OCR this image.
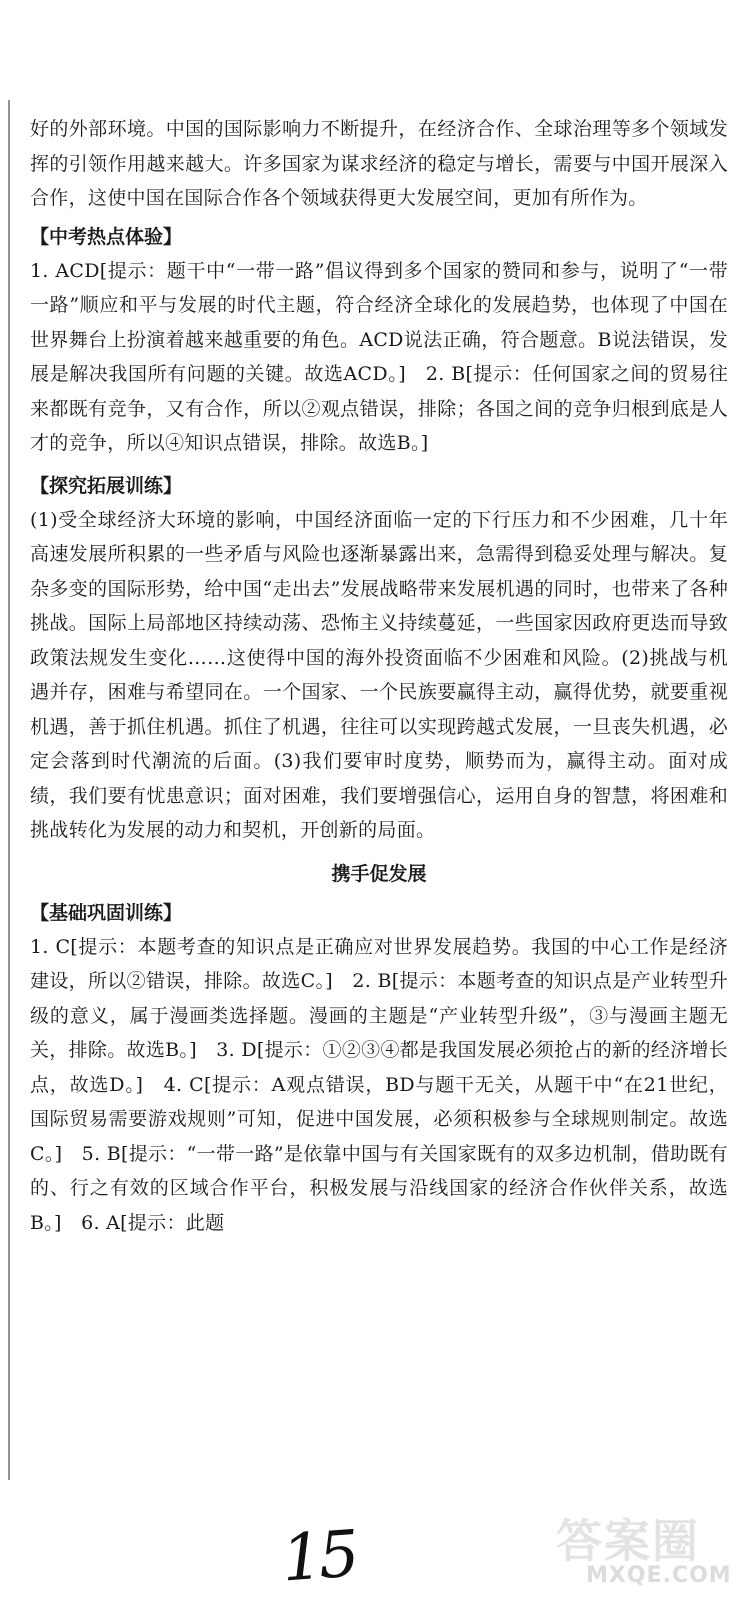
好的外部环境。中国的国际影响力不断提升，在经济合作、全球治理等多个领域发挥的引领作用越来越大。许多国家为谋求经济的稳定与增长，需要与中国开展深入合作，这使中国在国际合作各个领域获得更大发展空间，更加有所作为。

【中考热点体验】

1. ACD[提示：题干中“一带一路”倡议得到多个国家的赞同和参与，说明了“一带一路”顺应和平与发展的时代主题，符合经济全球化的发展趋势，也体现了中国在世界舞台上扮演着越来越重要的角色。ACD说法正确，符合题意。B说法错误，发展是解决我国所有问题的关键。故选ACD。]　2. B[提示：任何国家之间的贸易往来都既有竞争，又有合作，所以②观点错误，排除；各国之间的竞争归根到底是人才的竞争，所以④知识点错误，排除。故选B。]

【探究拓展训练】

(1)受全球经济大环境的影响，中国经济面临一定的下行压力和不少困难，几十年高速发展所积累的一些矛盾与风险也逐渐暴露出来，急需得到稳妥处理与解决。复杂多变的国际形势，给中国“走出去”发展战略带来发展机遇的同时，也带来了各种挑战。国际上局部地区持续动荡、恐怖主义持续蔓延，一些国家因政府更迭而导致政策法规发生变化……这使得中国的海外投资面临不少困难和风险。(2)挑战与机遇并存，困难与希望同在。一个国家、一个民族要赢得主动，赢得优势，就要重视机遇，善于抓住机遇。抓住了机遇，往往可以实现跨越式发展，一旦丧失机遇，必定会落到时代潮流的后面。(3)我们要审时度势，顺势而为，赢得主动。面对成绩，我们要有忧患意识；面对困难，我们要增强信心，运用自身的智慧，将困难和挑战转化为发展的动力和契机，开创新的局面。

携手促发展
【基础巩固训练】

1. C[提示：本题考查的知识点是正确应对世界发展趋势。我国的中心工作是经济建设，所以②错误，排除。故选C。]　2. B[提示：本题考查的知识点是产业转型升级的意义，属于漫画类选择题。漫画的主题是“产业转型升级”，③与漫画主题无关，排除。故选B。]　3. D[提示：①②③④都是我国发展必须抢占的新的经济增长点，故选D。]　4. C[提示：A观点错误，BD与题干无关，从题干中“在21世纪，国际贸易需要游戏规则”可知，促进中国发展，必须积极参与全球规则制定。故选C。]　5. B[提示：“一带一路”是依靠中国与有关国家既有的双多边机制，借助既有的、行之有效的区域合作平台，积极发展与沿线国家的经济合作伙伴关系，故选B。]　6. A[提示：此题

15	答案圈
MXQE.COM
